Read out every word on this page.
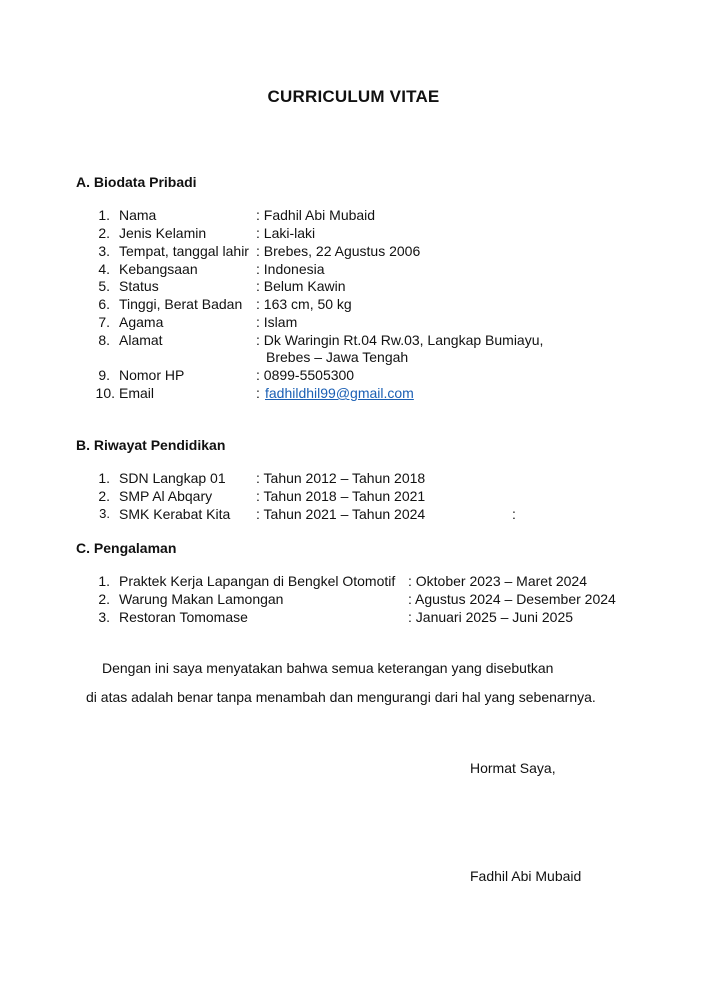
CURRICULUM VITAE
A. Biodata Pribadi
1. Nama	: Fadhil Abi Mubaid
2. Jenis Kelamin	: Laki-laki
3. Tempat, tanggal lahir : Brebes, 22 Agustus 2006
4. Kebangsaan	: Indonesia
5. Status	: Belum Kawin
6. Tinggi, Berat Badan : 163 cm, 50 kg
7. Agama	: Islam
8. Alamat	: Dk Waringin Rt.04 Rw.03, Langkap Bumiayu,
Brebes – Jawa Tengah
9. Nomor HP	: 0899-5505300
10. Email	: fadhildhil99@gmail.com
B. Riwayat Pendidikan
1. SDN Langkap 01 : Tahun 2012 – Tahun 2018
2. SMP Al Abqary	: Tahun 2018 – Tahun 2021
3. SMK Kerabat Kita : Tahun 2021 – Tahun 2024	:
C. Pengalaman
1. Praktek Kerja Lapangan di Bengkel Otomotif : Oktober 2023 – Maret 2024
2. Warung Makan Lamongan	: Agustus 2024 – Desember 2024
3. Restoran Tomomase	: Januari 2025 – Juni 2025
Dengan ini saya menyatakan bahwa semua keterangan yang disebutkan
di atas adalah benar tanpa menambah dan mengurangi dari hal yang sebenarnya.
Hormat Saya,
Fadhil Abi Mubaid
